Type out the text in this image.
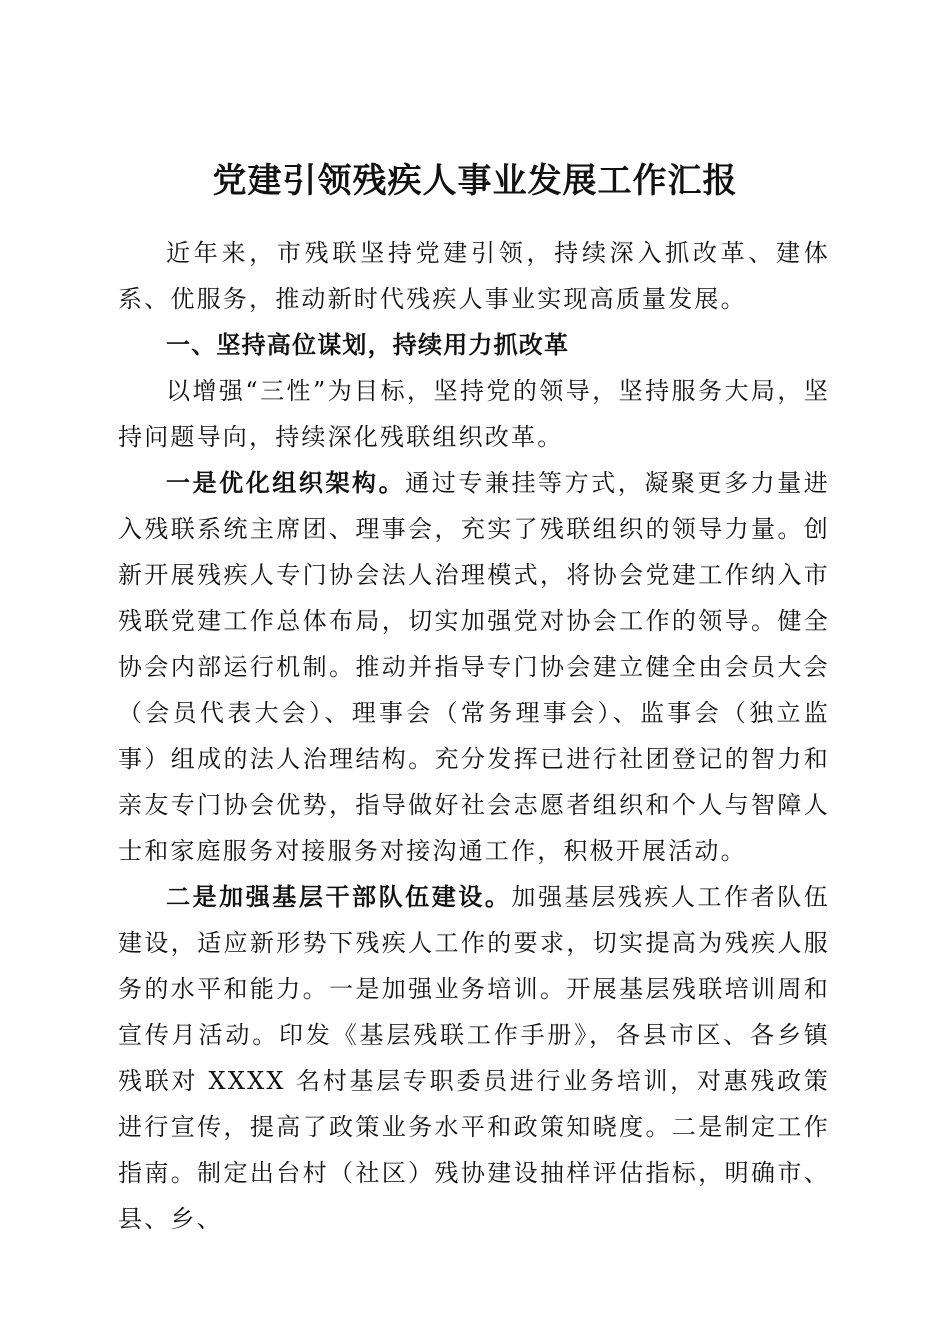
党建引领残疾人事业发展工作汇报

近年来，市残联坚持党建引领，持续深入抓改革、建体系、优服务，推动新时代残疾人事业实现高质量发展。

一、坚持高位谋划，持续用力抓改革

以增强“三性”为目标，坚持党的领导，坚持服务大局，坚持问题导向，持续深化残联组织改革。

一是优化组织架构。通过专兼挂等方式，凝聚更多力量进入残联系统主席团、理事会，充实了残联组织的领导力量。创新开展残疾人专门协会法人治理模式，将协会党建工作纳入市残联党建工作总体布局，切实加强党对协会工作的领导。健全协会内部运行机制。推动并指导专门协会建立健全由会员大会（会员代表大会）、理事会（常务理事会）、监事会（独立监事）组成的法人治理结构。充分发挥已进行社团登记的智力和亲友专门协会优势，指导做好社会志愿者组织和个人与智障人士和家庭服务对接服务对接沟通工作，积极开展活动。

二是加强基层干部队伍建设。加强基层残疾人工作者队伍建设，适应新形势下残疾人工作的要求，切实提高为残疾人服务的水平和能力。一是加强业务培训。开展基层残联培训周和宣传月活动。印发《基层残联工作手册》，各县市区、各乡镇残联对 XXXX 名村基层专职委员进行业务培训，对惠残政策进行宣传，提高了政策业务水平和政策知晓度。二是制定工作指南。制定出台村（社区）残协建设抽样评估指标，明确市、县、乡、
